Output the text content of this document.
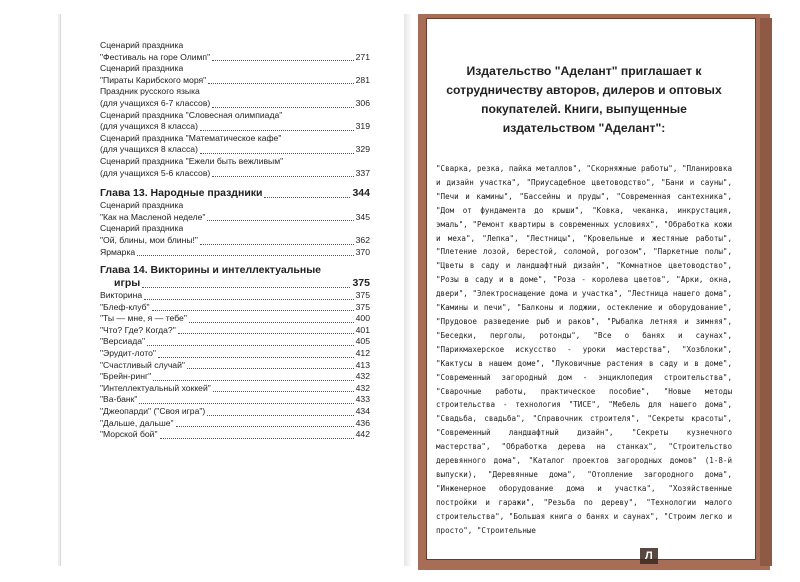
Сценарий праздника
"Фестиваль на горе Олимп"	271
Сценарий праздника
"Пираты Карибского моря"	281
Праздник русского языка
(для учащихся 6-7 классов)	306
Сценарий праздника "Словесная олимпиада"
(для учащихся 8 класса)	319
Сценарий праздника "Математическое кафе"
(для учащихся 8 класса)	329
Сценарий праздника "Ежели быть вежливым"
(для учащихся 5-6 классов)	337
Глава 13. Народные праздники	344
Сценарий праздника
"Как на Масленой неделе"	345
Сценарий праздника
"Ой, блины, мои блины!"	362
Ярмарка	370
Глава 14. Викторины и интеллектуальные
игры	375
Викторина	375
"Блеф-клуб"	375
"Ты — мне, я — тебе"	400
"Что? Где? Когда?"	401
"Версиада"	405
"Эрудит-лото"	412
"Счастливый случай"	413
"Брейн-ринг"	432
"Интеллектуальный хоккей"	432
"Ва-банк"	433
"Джеопарди" ("Своя игра")	434
"Дальше, дальше"	436
"Морской бой"	442
Издательство "Аделант" приглашает к
сотрудничеству авторов, дилеров и оптовых
покупателей. Книги, выпущенные
издательством "Аделант":
"Сварка, резка, пайка металлов", "Скорняжные работы", "Планировка и дизайн участка", "Приусадебное цветоводство", "Бани и сауны", "Печи и камины", "Бассейны и пруды", "Современная сантехника", "Дом от фундамента до крыши", "Ковка, чеканка, инкрустация, эмаль", "Ремонт квартиры в современных условиях", "Обработка кожи и меха", "Лепка", "Лестницы", "Кровельные и жестяные работы", "Плетение лозой, берестой, соломой, рогозом", "Паркетные полы", "Цветы в саду и ландшафтный дизайн", "Комнатное цветоводство", "Розы в саду и в доме", "Роза - королева цветов", "Арки, окна, двери", "Электроснащение дома и участка", "Лестница нашего дома", "Камины и печи", "Балконы и лоджии, остекление и оборудование", "Прудовое разведение рыб и раков", "Рыбалка летняя и зимняя", "Беседки, перголы, ротонды", "Все о банях и саунах", "Парикмахерское искусство - уроки мастерства", "Хозблоки", "Кактусы в нашем доме", "Луковичные растения в саду и в доме", "Современный загородный дом - энциклопедия строительства", "Сварочные работы, практическое пособие", "Новые методы строительства - технология "ТИСЕ", "Мебель для нашего дома", "Свадьба, свадьба", "Справочник строителя", "Секреты красоты", "Современный ландшафтный дизайн", "Секреты кузнечного мастерства", "Обработка дерева на станках", "Строительство деревянного дома", "Каталог проектов загородных домов" (1-8-й выпуски), "Деревянные дома", "Отопление загородного дома", "Инженерное оборудование дома и участка", "Хозяйственные постройки и гаражи", "Резьба по дереву", "Технологии малого строительства", "Большая книга о банях и саунах", "Строим легко и просто", "Строительные
Л
